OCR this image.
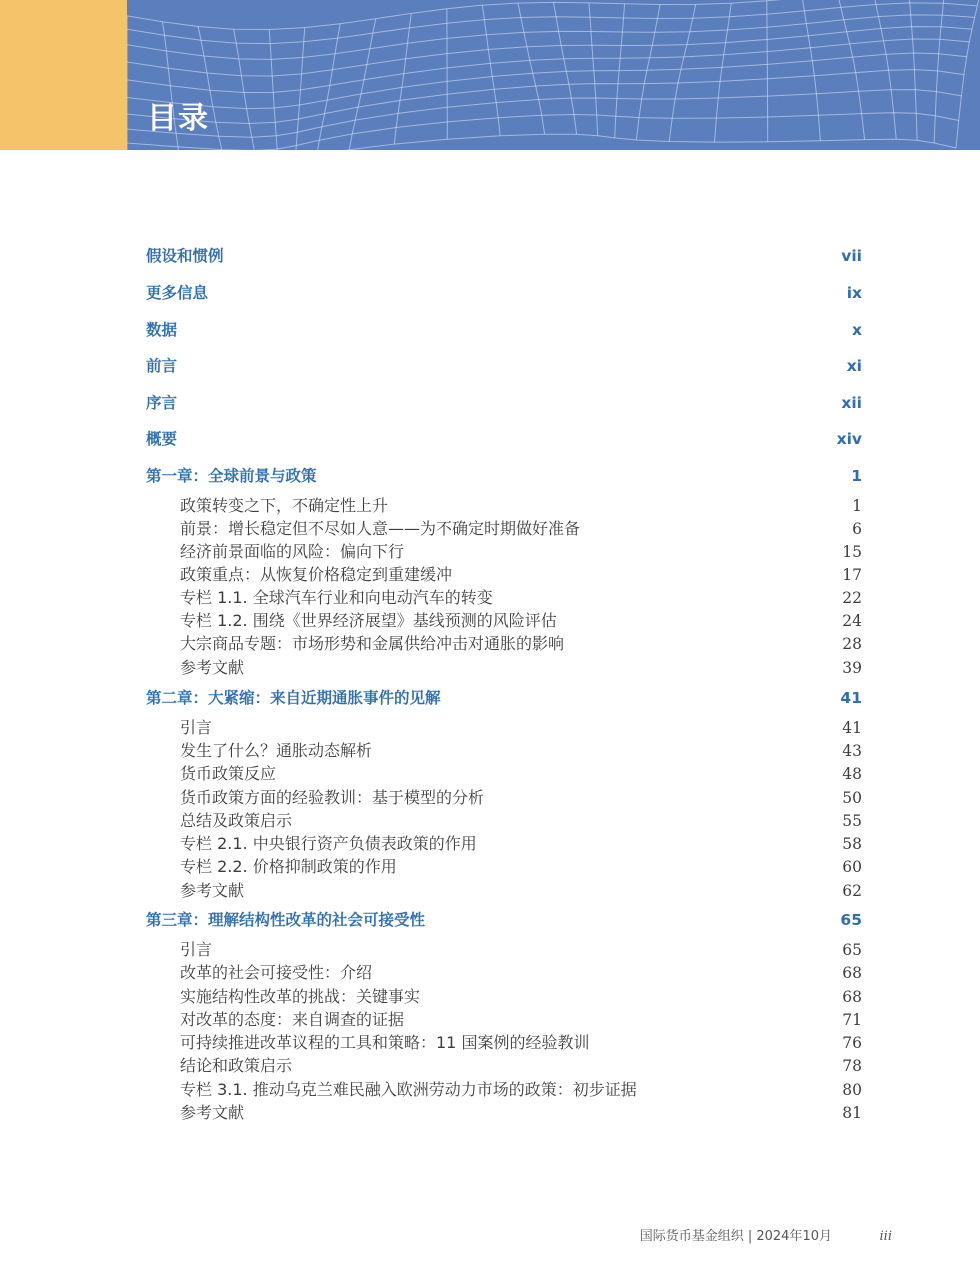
目录
假设和惯例	vii
更多信息	ix
数据	x
前言	xi
序言	xii
概要	xiv
第一章：全球前景与政策	1
政策转变之下，不确定性上升	1
前景：增长稳定但不尽如人意——为不确定时期做好准备	6
经济前景面临的风险：偏向下行	15
政策重点：从恢复价格稳定到重建缓冲	17
专栏 1.1. 全球汽车行业和向电动汽车的转变	22
专栏 1.2. 围绕《世界经济展望》基线预测的风险评估	24
大宗商品专题：市场形势和金属供给冲击对通胀的影响	28
参考文献	39
第二章：大紧缩：来自近期通胀事件的见解	41
引言	41
发生了什么？通胀动态解析	43
货币政策反应	48
货币政策方面的经验教训：基于模型的分析	50
总结及政策启示	55
专栏 2.1. 中央银行资产负债表政策的作用	58
专栏 2.2. 价格抑制政策的作用	60
参考文献	62
第三章：理解结构性改革的社会可接受性	65
引言	65
改革的社会可接受性：介绍	68
实施结构性改革的挑战：关键事实	68
对改革的态度：来自调查的证据	71
可持续推进改革议程的工具和策略：11 国案例的经验教训	76
结论和政策启示	78
专栏 3.1. 推动乌克兰难民融入欧洲劳动力市场的政策：初步证据	80
参考文献	81
国际货币基金组织 | 2024年10月	iii
